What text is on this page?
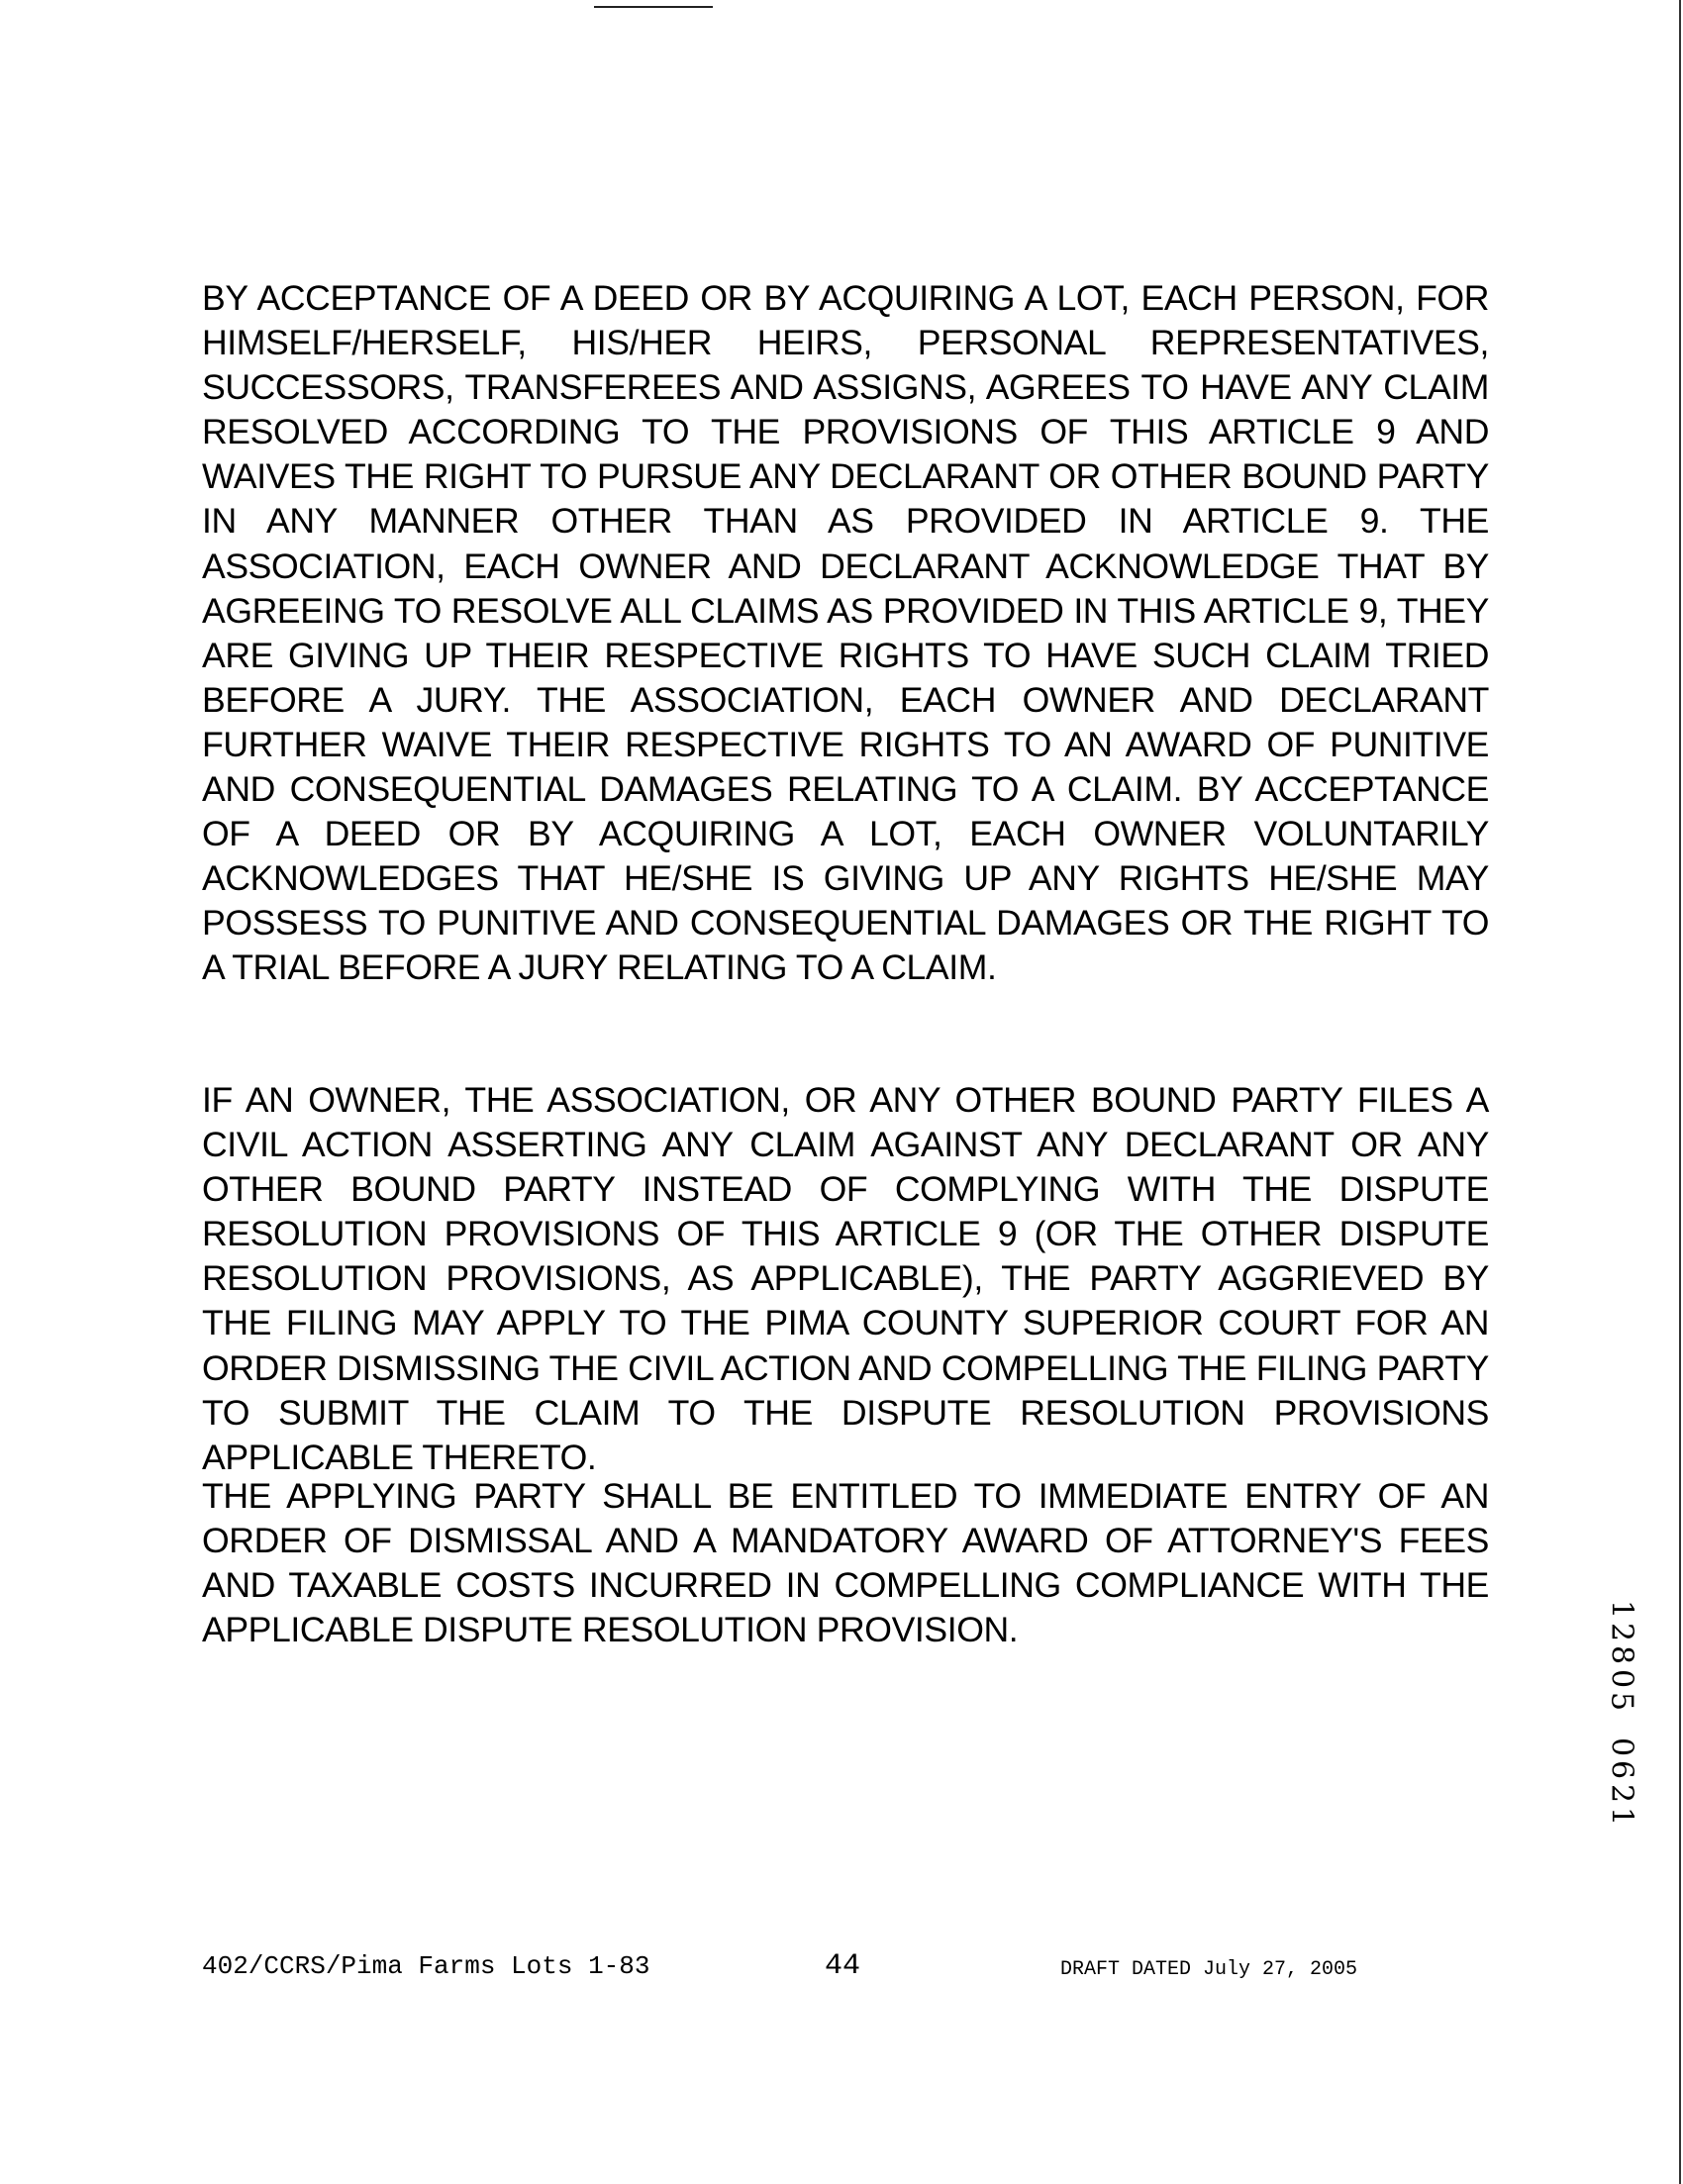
BY ACCEPTANCE OF A DEED OR BY ACQUIRING A LOT, EACH PERSON, FOR HIMSELF/HERSELF, HIS/HER HEIRS, PERSONAL REPRESENTATIVES, SUCCESSORS, TRANSFEREES AND ASSIGNS, AGREES TO HAVE ANY CLAIM RESOLVED ACCORDING TO THE PROVISIONS OF THIS ARTICLE 9 AND WAIVES THE RIGHT TO PURSUE ANY DECLARANT OR OTHER BOUND PARTY IN ANY MANNER OTHER THAN AS PROVIDED IN ARTICLE 9. THE ASSOCIATION, EACH OWNER AND DECLARANT ACKNOWLEDGE THAT BY AGREEING TO RESOLVE ALL CLAIMS AS PROVIDED IN THIS ARTICLE 9, THEY ARE GIVING UP THEIR RESPECTIVE RIGHTS TO HAVE SUCH CLAIM TRIED BEFORE A JURY. THE ASSOCIATION, EACH OWNER AND DECLARANT FURTHER WAIVE THEIR RESPECTIVE RIGHTS TO AN AWARD OF PUNITIVE AND CONSEQUENTIAL DAMAGES RELATING TO A CLAIM. BY ACCEPTANCE OF A DEED OR BY ACQUIRING A LOT, EACH OWNER VOLUNTARILY ACKNOWLEDGES THAT HE/SHE IS GIVING UP ANY RIGHTS HE/SHE MAY POSSESS TO PUNITIVE AND CONSEQUENTIAL DAMAGES OR THE RIGHT TO A TRIAL BEFORE A JURY RELATING TO A CLAIM.

IF AN OWNER, THE ASSOCIATION, OR ANY OTHER BOUND PARTY FILES A CIVIL ACTION ASSERTING ANY CLAIM AGAINST ANY DECLARANT OR ANY OTHER BOUND PARTY INSTEAD OF COMPLYING WITH THE DISPUTE RESOLUTION PROVISIONS OF THIS ARTICLE 9 (OR THE OTHER DISPUTE RESOLUTION PROVISIONS, AS APPLICABLE), THE PARTY AGGRIEVED BY THE FILING MAY APPLY TO THE PIMA COUNTY SUPERIOR COURT FOR AN ORDER DISMISSING THE CIVIL ACTION AND COMPELLING THE FILING PARTY TO SUBMIT THE CLAIM TO THE DISPUTE RESOLUTION PROVISIONS APPLICABLE THERETO.

THE APPLYING PARTY SHALL BE ENTITLED TO IMMEDIATE ENTRY OF AN ORDER OF DISMISSAL AND A MANDATORY AWARD OF ATTORNEY'S FEES AND TAXABLE COSTS INCURRED IN COMPELLING COMPLIANCE WITH THE APPLICABLE DISPUTE RESOLUTION PROVISION.

402/CCRS/Pima Farms Lots 1-83	44	DRAFT DATED July 27, 2005
1
2
8
0
5

0
6
2
1
